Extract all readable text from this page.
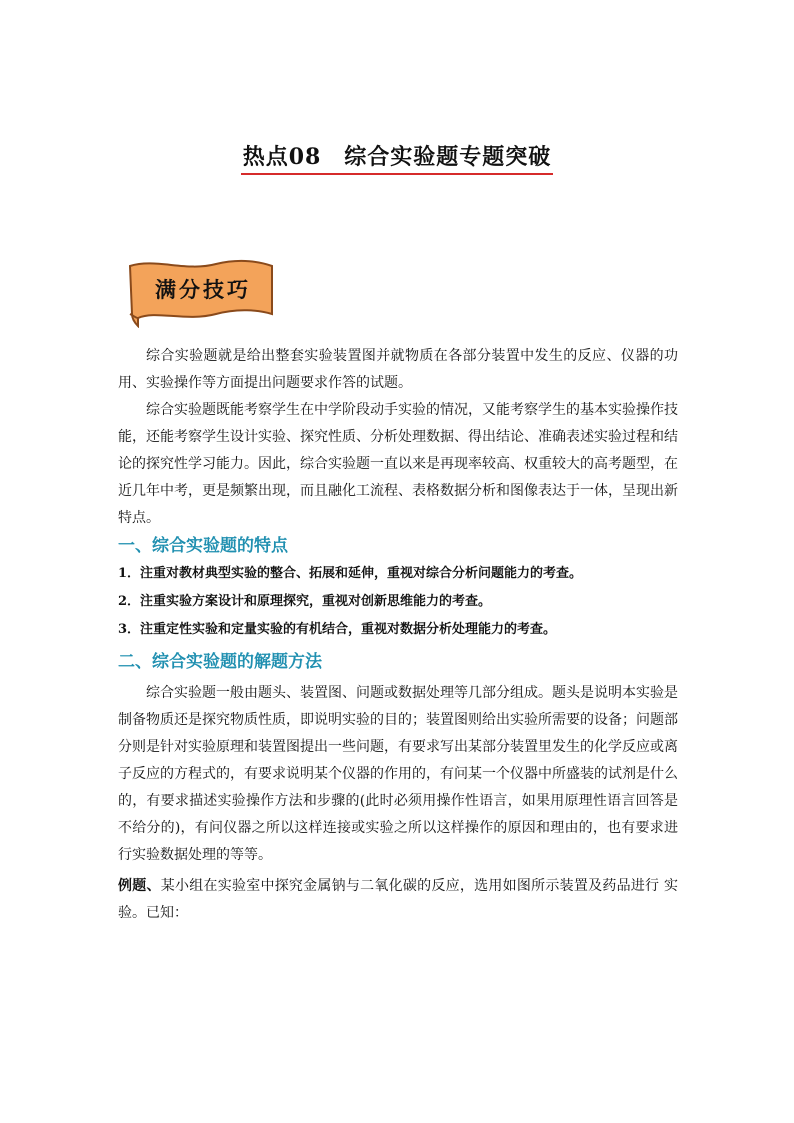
热点08　综合实验题专题突破
满分技巧

综合实验题就是给出整套实验装置图并就物质在各部分装置中发生的反应、仪器的功用、实验操作等方面提出问题要求作答的试题。

综合实验题既能考察学生在中学阶段动手实验的情况，又能考察学生的基本实验操作技能，还能考察学生设计实验、探究性质、分析处理数据、得出结论、准确表述实验过程和结论的探究性学习能力。因此，综合实验题一直以来是再现率较高、权重较大的高考题型，在近几年中考，更是频繁出现，而且融化工流程、表格数据分析和图像表达于一体，呈现出新特点。

一、综合实验题的特点

1．注重对教材典型实验的整合、拓展和延伸，重视对综合分析问题能力的考查。

2．注重实验方案设计和原理探究，重视对创新思维能力的考查。

3．注重定性实验和定量实验的有机结合，重视对数据分析处理能力的考查。

二、综合实验题的解题方法

综合实验题一般由题头、装置图、问题或数据处理等几部分组成。题头是说明本实验是制备物质还是探究物质性质，即说明实验的目的；装置图则给出实验所需要的设备；问题部分则是针对实验原理和装置图提出一些问题，有要求写出某部分装置里发生的化学反应或离子反应的方程式的，有要求说明某个仪器的作用的，有问某一个仪器中所盛装的试剂是什么的，有要求描述实验操作方法和步骤的(此时必须用操作性语言，如果用原理性语言回答是不给分的)，有问仪器之所以这样连接或实验之所以这样操作的原因和理由的，也有要求进行实验数据处理的等等。

例题、某小组在实验室中探究金属钠与二氧化碳的反应，选用如图所示装置及药品进行 实验。已知：
